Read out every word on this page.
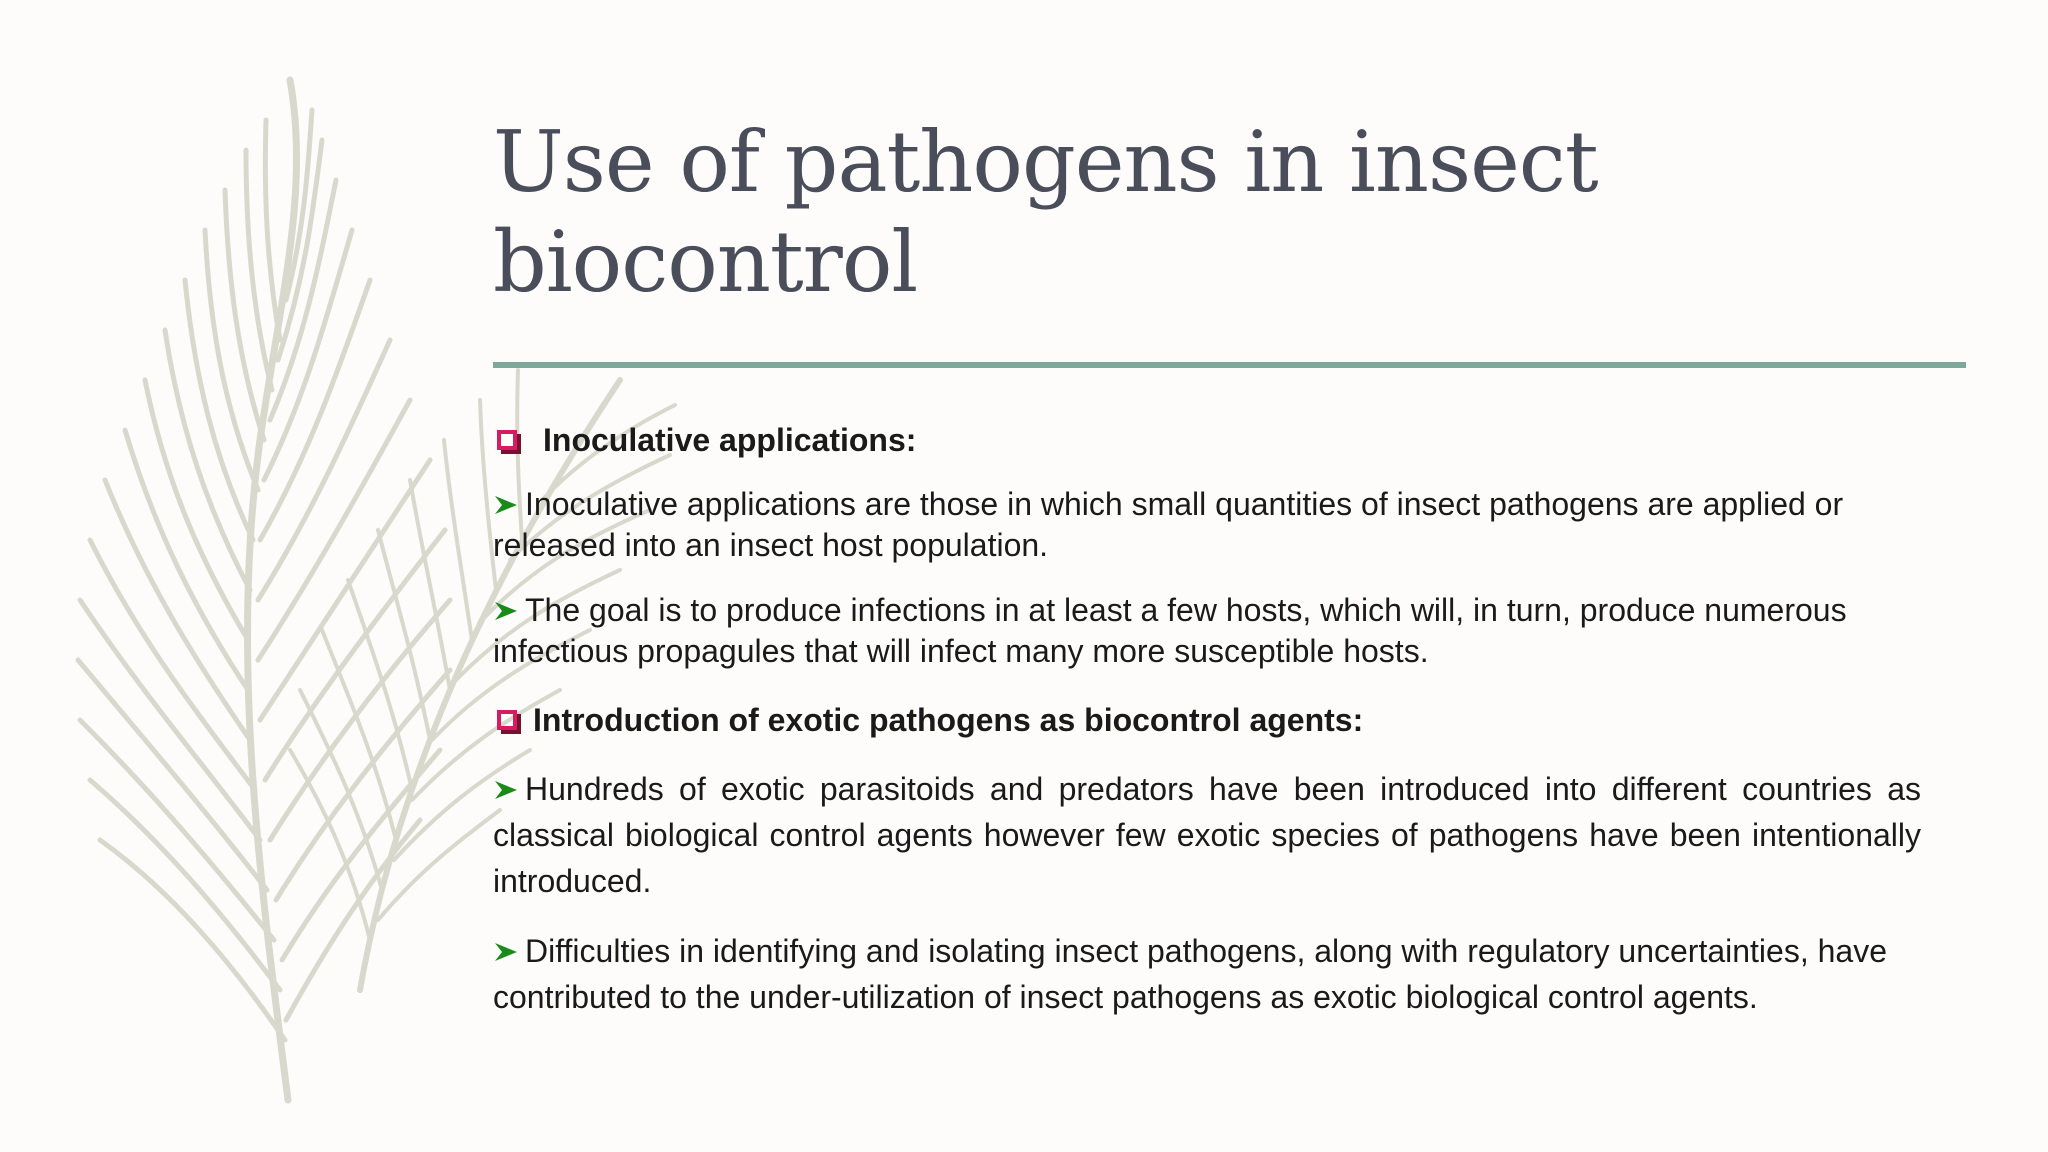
Use of pathogens in insect biocontrol
Inoculative applications:
Inoculative applications are those in which small quantities of insect pathogens are applied or released into an insect host population.
The goal is to produce infections in at least a few hosts, which will, in turn, produce numerous infectious propagules that will infect many more susceptible hosts.
Introduction of exotic pathogens as biocontrol agents:
Hundreds of exotic parasitoids and predators have been introduced into different countries as classical biological control agents however few exotic species of pathogens have been intentionally introduced.
Difficulties in identifying and isolating insect pathogens, along with regulatory uncertainties, have contributed to the under-utilization of insect pathogens as exotic biological control agents.
